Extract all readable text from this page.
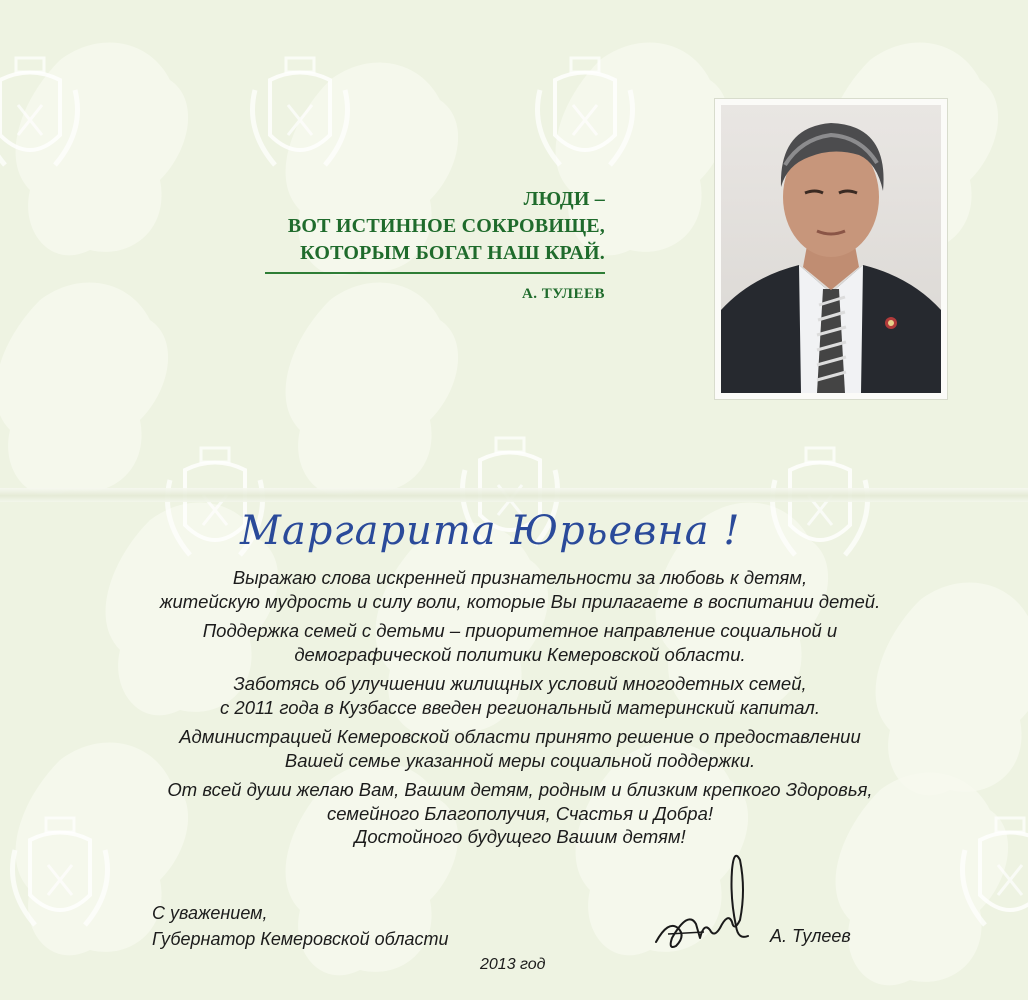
ЛЮДИ –
ВОТ ИСТИННОЕ СОКРОВИЩЕ,
КОТОРЫМ БОГАТ НАШ КРАЙ.
А. ТУЛЕЕВ
Маргарита Юрьевна !
Выражаю слова искренней признательности за любовь к детям,
житейскую мудрость и силу воли, которые Вы прилагаете в воспитании детей.
Поддержка семей с детьми – приоритетное направление социальной и
демографической политики Кемеровской области.
Заботясь об улучшении жилищных условий многодетных семей,
с 2011 года в Кузбассе введен региональный материнский капитал.
Администрацией Кемеровской области принято решение о предоставлении
Вашей семье указанной меры социальной поддержки.
От всей души желаю Вам, Вашим детям, родным и близким крепкого Здоровья,
семейного Благополучия, Счастья и Добра!
Достойного будущего Вашим детям!
С уважением,
Губернатор Кемеровской области
2013 год
А. Тулеев
